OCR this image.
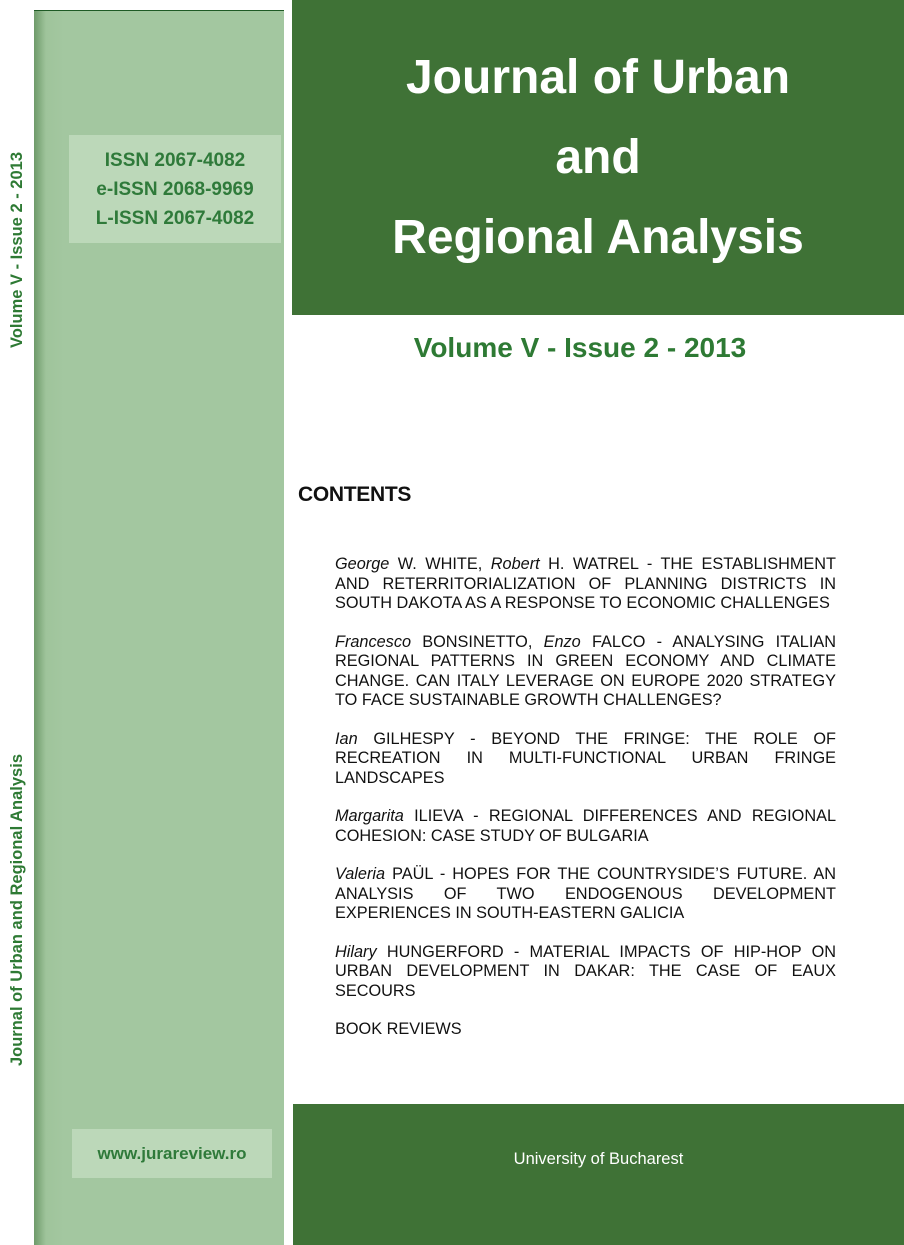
Volume V - Issue 2 - 2013
Journal of Urban and Regional Analysis
ISSN 2067-4082
e-ISSN 2068-9969
L-ISSN 2067-4082
www.jurareview.ro
Journal of Urban
and
Regional Analysis
Volume V - Issue 2 - 2013
CONTENTS
George W. WHITE, Robert H. WATREL - THE ESTABLISHMENT AND RETERRITORIALIZATION OF PLANNING DISTRICTS IN SOUTH DAKOTA AS A RESPONSE TO ECONOMIC CHALLENGES
Francesco BONSINETTO, Enzo FALCO - ANALYSING ITALIAN REGIONAL PATTERNS IN GREEN ECONOMY AND CLIMATE CHANGE. CAN ITALY LEVERAGE ON EUROPE 2020 STRATEGY TO FACE SUSTAINABLE GROWTH CHALLENGES?
Ian GILHESPY - BEYOND THE FRINGE: THE ROLE OF RECREATION IN MULTI-FUNCTIONAL URBAN FRINGE LANDSCAPES
Margarita ILIEVA - REGIONAL DIFFERENCES AND REGIONAL COHESION: CASE STUDY OF BULGARIA
Valeria PAÜL - HOPES FOR THE COUNTRYSIDE’S FUTURE. AN ANALYSIS OF TWO ENDOGENOUS DEVELOPMENT EXPERIENCES IN SOUTH-EASTERN GALICIA
Hilary HUNGERFORD - MATERIAL IMPACTS OF HIP-HOP ON URBAN DEVELOPMENT IN DAKAR: THE CASE OF EAUX SECOURS
BOOK REVIEWS
University of Bucharest
